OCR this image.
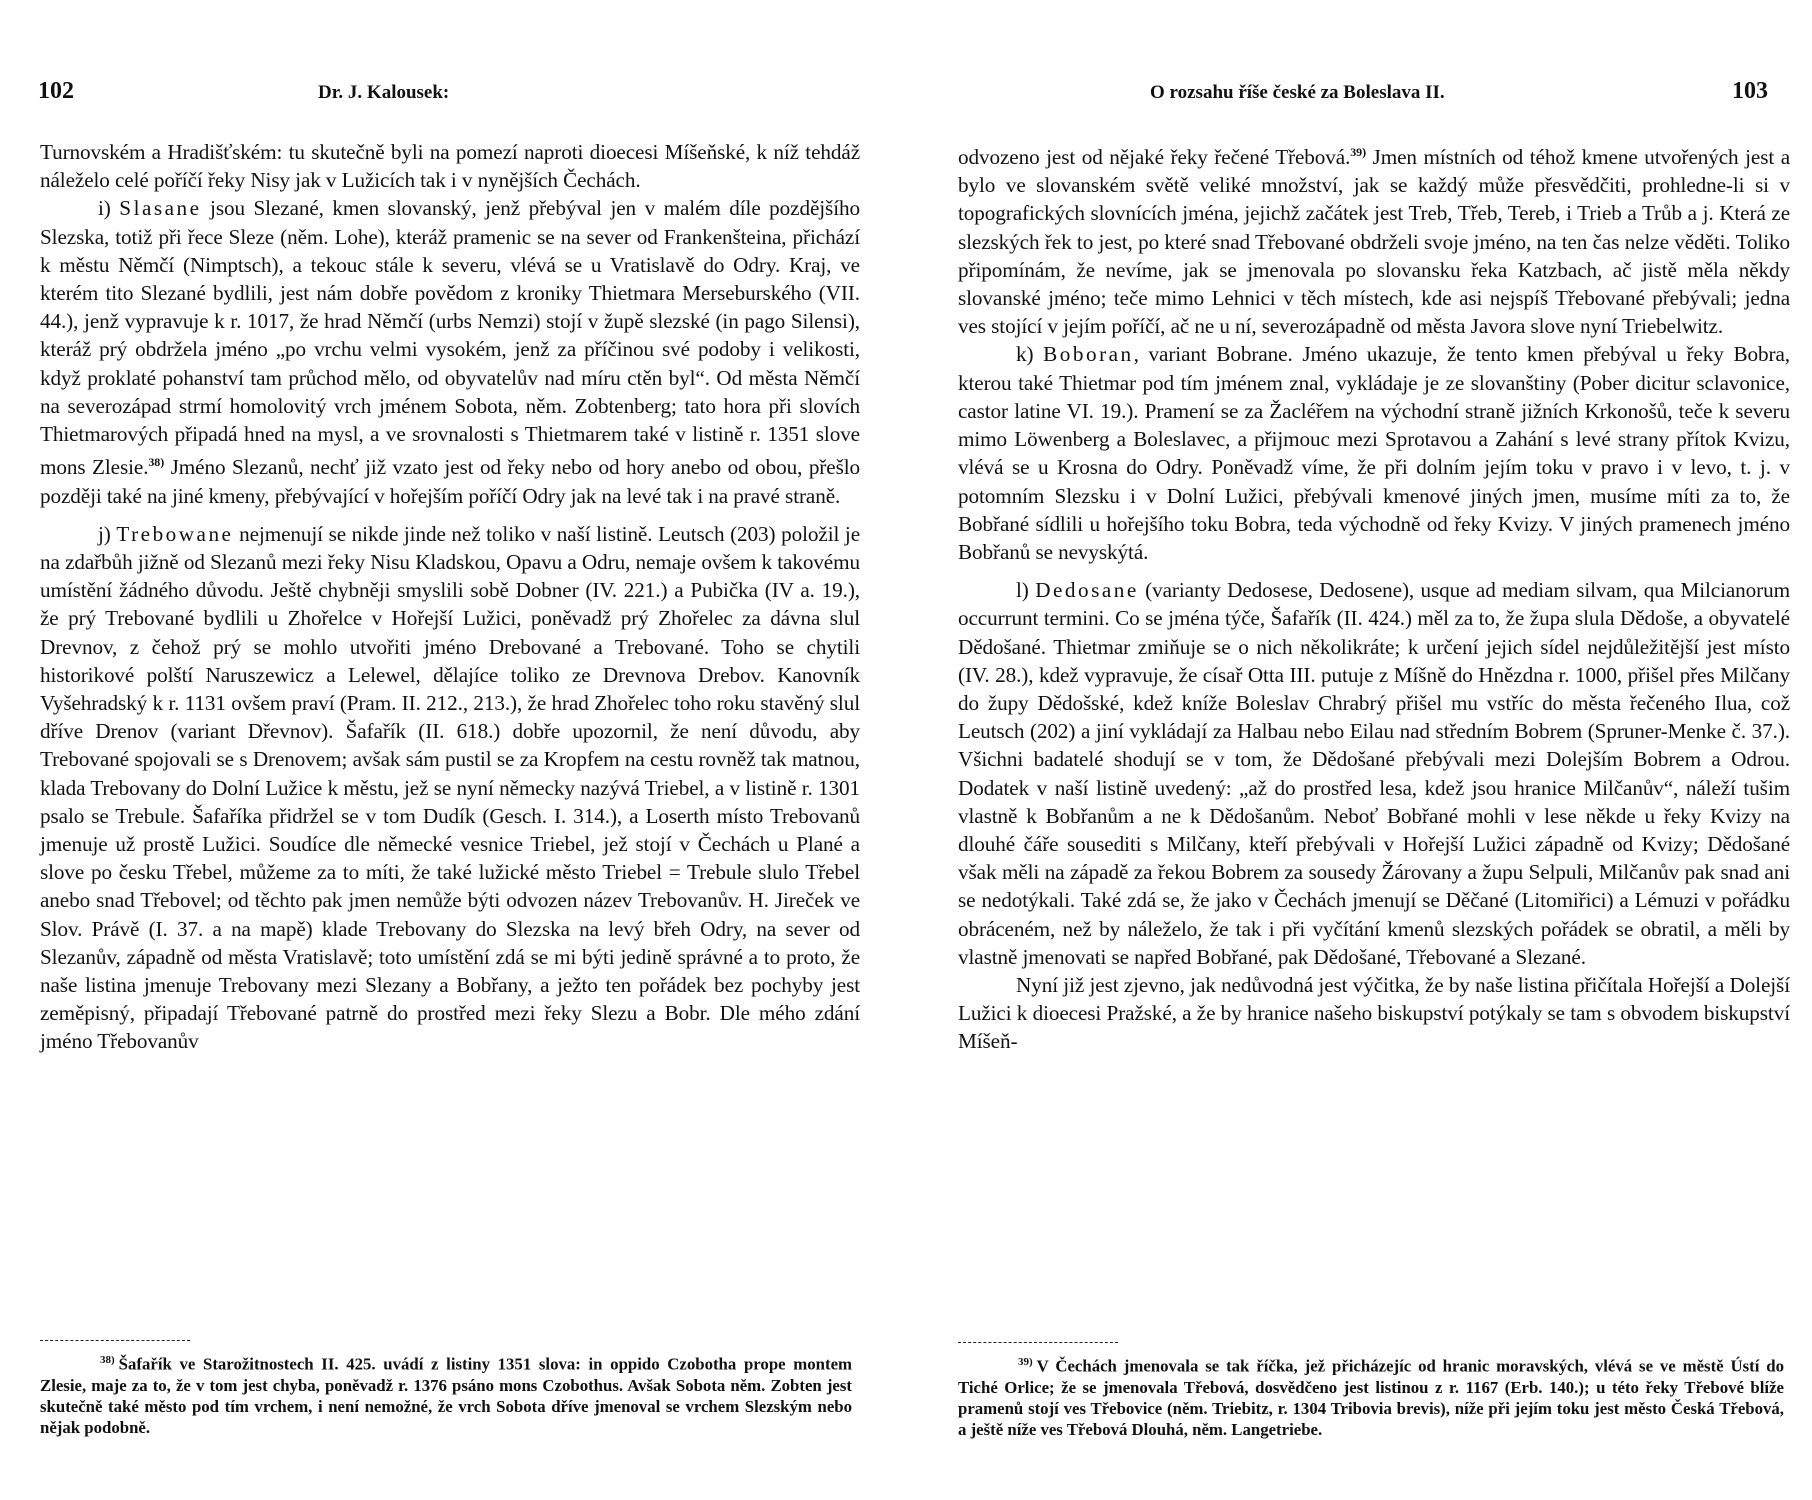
102	Dr. J. Kalousek:

Turnovském a Hradišťském: tu skutečně byli na pomezí naproti dioecesi Míšeňské, k níž tehdáž náleželo celé poříčí řeky Nisy jak v Lužicích tak i v nynějších Čechách.

i) Slasane jsou Slezané, kmen slovanský, jenž přebýval jen v malém díle pozdějšího Slezska, totiž při řece Sleze (něm. Lohe), kteráž pramenic se na sever od Frankenšteina, přichází k městu Němčí (Nimptsch), a tekouc stále k severu, vlévá se u Vratislavě do Odry. Kraj, ve kterém tito Slezané bydlili, jest nám dobře povědom z kroniky Thietmara Merseburského (VII. 44.), jenž vypravuje k r. 1017, že hrad Němčí (urbs Nemzi) stojí v župě slezské (in pago Silensi), kteráž prý obdržela jméno „po vrchu velmi vysokém, jenž za příčinou své podoby i velikosti, když proklaté pohanství tam průchod mělo, od obyvatelův nad míru ctěn byl“. Od města Němčí na severozápad strmí homolovitý vrch jménem Sobota, něm. Zobtenberg; tato hora při slovích Thietmarových připadá hned na mysl, a ve srovnalosti s Thietmarem také v listině r. 1351 slove mons Zlesie.$^{38)}$ Jméno Slezanů, nechť již vzato jest od řeky nebo od hory anebo od obou, přešlo později také na jiné kmeny, přebývající v hořejším poříčí Odry jak na levé tak i na pravé straně.

j) Trebowane nejmenují se nikde jinde než toliko v naší listině. Leutsch (203) položil je na zdařbůh jižně od Slezanů mezi řeky Nisu Kladskou, Opavu a Odru, nemaje ovšem k takovému umístění žádného důvodu. Ještě chybněji smyslili sobě Dobner (IV. 221.) a Pubička (IV a. 19.), že prý Trebované bydlili u Zhořelce v Hořejší Lužici, poněvadž prý Zhořelec za dávna slul Drevnov, z čehož prý se mohlo utvořiti jméno Drebované a Trebované. Toho se chytili historikové polští Naruszewicz a Lelewel, dělajíce toliko ze Drevnova Drebov. Kanovník Vyšehradský k r. 1131 ovšem praví (Pram. II. 212., 213.), že hrad Zhořelec toho roku stavěný slul dříve Drenov (variant Dřevnov). Šafařík (II. 618.) dobře upozornil, že není důvodu, aby Trebované spojovali se s Drenovem; avšak sám pustil se za Kropfem na cestu rovněž tak matnou, klada Trebovany do Dolní Lužice k městu, jež se nyní německy nazývá Triebel, a v listině r. 1301 psalo se Trebule. Šafaříka přidržel se v tom Dudík (Gesch. I. 314.), a Loserth místo Trebovanů jmenuje už prostě Lužici. Soudíce dle německé vesnice Triebel, jež stojí v Čechách u Plané a slove po česku Třebel, můžeme za to míti, že také lužické město Triebel = Trebule slulo Třebel anebo snad Třebovel; od těchto pak jmen nemůže býti odvozen název Trebovanův. H. Jireček ve Slov. Právě (I. 37. a na mapě) klade Trebovany do Slezska na levý břeh Odry, na sever od Slezanův, západně od města Vratislavě; toto umístění zdá se mi býti jedině správné a to proto, že naše listina jmenuje Trebovany mezi Slezany a Bobřany, a ježto ten pořádek bez pochyby jest zeměpisný, připadají Třebované patrně do prostřed mezi řeky Slezu a Bobr. Dle mého zdání jméno Třebovanův

$^{38)}$ Šafařík ve Starožitnostech II. 425. uvádí z listiny 1351 slova: in oppido Czobotha prope montem Zlesie, maje za to, že v tom jest chyba, poněvadž r. 1376 psáno mons Czobothus. Avšak Sobota něm. Zobten jest skutečně také město pod tím vrchem, i není nemožné, že vrch Sobota dříve jmenoval se vrchem Slezským nebo nějak podobně.
O rozsahu říše české za Boleslava II.	103

odvozeno jest od nějaké řeky řečené Třebová.$^{39)}$ Jmen místních od téhož kmene utvořených jest a bylo ve slovanském světě veliké množství, jak se každý může přesvědčiti, prohledne-li si v topografických slovnících jména, jejichž začátek jest Treb, Třeb, Tereb, i Trieb a Trůb a j. Která ze slezských řek to jest, po které snad Třebované obdrželi svoje jméno, na ten čas nelze věděti. Toliko připomínám, že nevíme, jak se jmenovala po slovansku řeka Katzbach, ač jistě měla někdy slovanské jméno; teče mimo Lehnici v těch místech, kde asi nejspíš Třebované přebývali; jedna ves stojící v jejím poříčí, ač ne u ní, severozápadně od města Javora slove nyní Triebelwitz.

k) Boboran, variant Bobrane. Jméno ukazuje, že tento kmen přebýval u řeky Bobra, kterou také Thietmar pod tím jménem znal, vykládaje je ze slovanštiny (Pober dicitur sclavonice, castor latine VI. 19.). Pramení se za Žacléřem na východní straně jižních Krkonošů, teče k severu mimo Löwenberg a Boleslavec, a přijmouc mezi Sprotavou a Zahání s levé strany přítok Kvizu, vlévá se u Krosna do Odry. Poněvadž víme, že při dolním jejím toku v pravo i v levo, t. j. v potomním Slezsku i v Dolní Lužici, přebývali kmenové jiných jmen, musíme míti za to, že Bobřané sídlili u hořejšího toku Bobra, teda východně od řeky Kvizy. V jiných pramenech jméno Bobřanů se nevyskýtá.

l) Dedosane (varianty Dedosese, Dedosene), usque ad mediam silvam, qua Milcianorum occurrunt termini. Co se jména týče, Šafařík (II. 424.) měl za to, že župa slula Dědoše, a obyvatelé Dědošané. Thietmar zmiňuje se o nich několikráte; k určení jejich sídel nejdůležitější jest místo (IV. 28.), kdež vypravuje, že císař Otta III. putuje z Míšně do Hnězdna r. 1000, přišel přes Milčany do župy Dědošské, kdež kníže Boleslav Chrabrý přišel mu vstříc do města řečeného Ilua, což Leutsch (202) a jiní vykládají za Halbau nebo Eilau nad středním Bobrem (Spruner-Menke č. 37.). Všichni badatelé shodují se v tom, že Dědošané přebývali mezi Dolejším Bobrem a Odrou. Dodatek v naší listině uvedený: „až do prostřed lesa, kdež jsou hranice Milčanův“, náleží tušim vlastně k Bobřanům a ne k Dědošanům. Neboť Bobřané mohli v lese někde u řeky Kvizy na dlouhé čáře sousediti s Milčany, kteří přebývali v Hořejší Lužici západně od Kvizy; Dědošané však měli na západě za řekou Bobrem za sousedy Žárovany a župu Selpuli, Milčanův pak snad ani se nedotýkali. Také zdá se, že jako v Čechách jmenují se Děčané (Litomiřici) a Lémuzi v pořádku obráceném, než by náleželo, že tak i při vyčítání kmenů slezských pořádek se obratil, a měli by vlastně jmenovati se napřed Bobřané, pak Dědošané, Třebované a Slezané.

Nyní již jest zjevno, jak nedůvodná jest výčitka, že by naše listina přičítala Hořejší a Dolejší Lužici k dioecesi Pražské, a že by hranice našeho biskupství potýkaly se tam s obvodem biskupství Míšeň-

$^{39)}$ V Čechách jmenovala se tak říčka, jež přicházejíc od hranic moravských, vlévá se ve městě Ústí do Tiché Orlice; že se jmenovala Třebová, dosvědčeno jest listinou z r. 1167 (Erb. 140.); u této řeky Třebové blíže pramenů stojí ves Třebovice (něm. Triebitz, r. 1304 Tribovia brevis), níže při jejím toku jest město Česká Třebová, a ještě níže ves Třebová Dlouhá, něm. Langetriebe.
